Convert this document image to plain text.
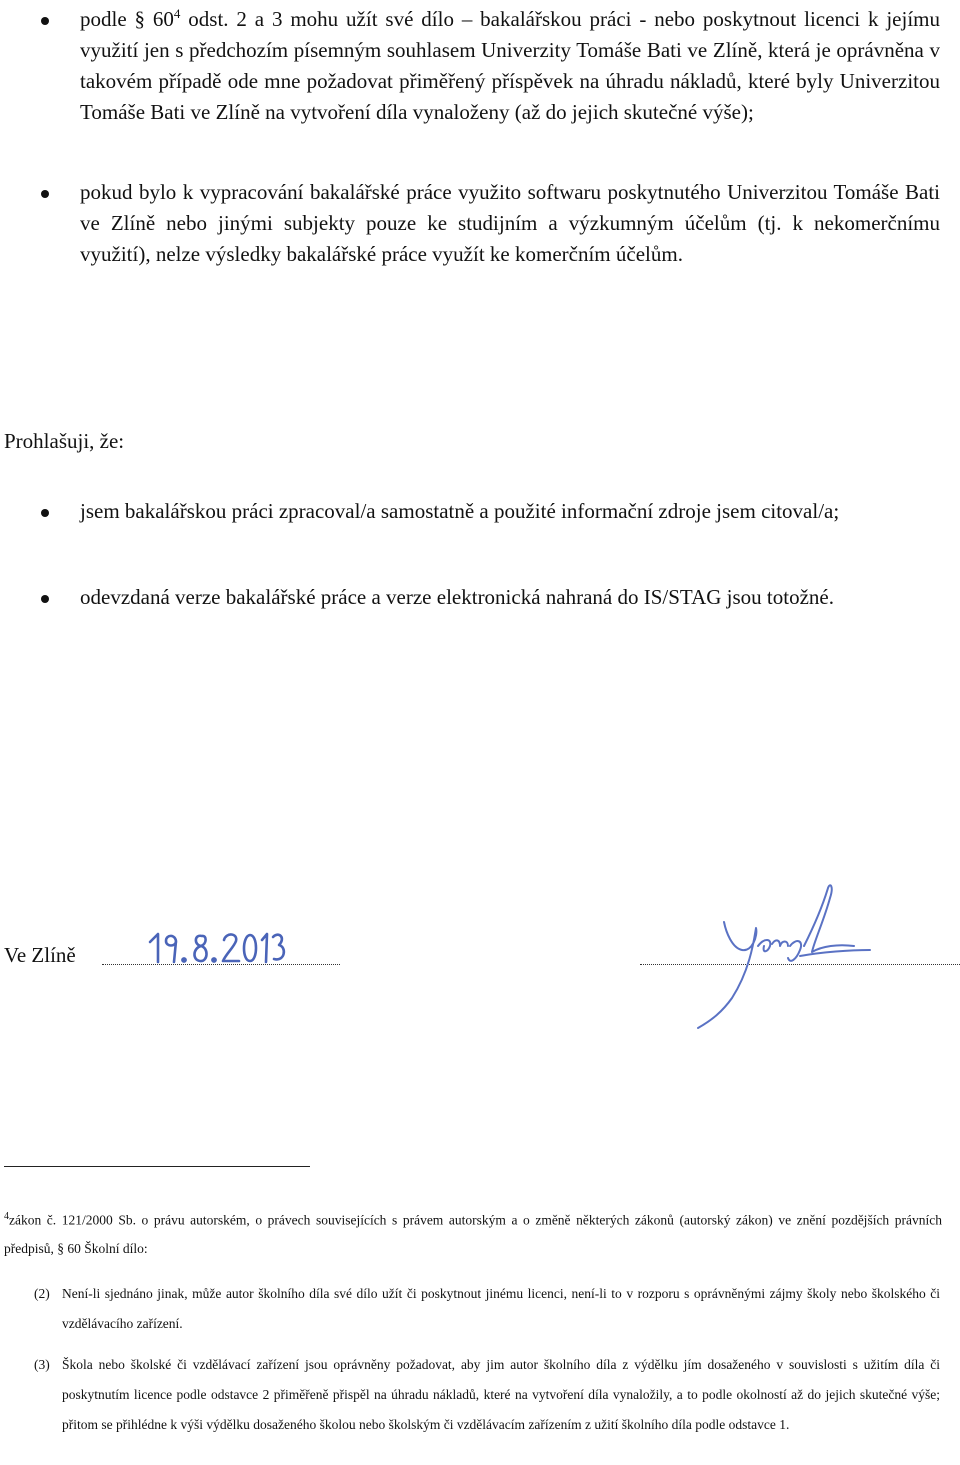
podle § $60^4$ odst. 2 a 3 mohu užít své dílo – bakalářskou práci - nebo poskytnout licenci k jejímu využití jen s předchozím písemným souhlasem Univerzity Tomáše Bati ve Zlíně, která je oprávněna v takovém případě ode mne požadovat přiměřený příspěvek na úhradu nákladů, které byly Univerzitou Tomáše Bati ve Zlíně na vytvoření díla vynaloženy (až do jejich skutečné výše);
pokud bylo k vypracování bakalářské práce využito softwaru poskytnutého Univerzitou Tomáše Bati ve Zlíně nebo jinými subjekty pouze ke studijním a výzkumným účelům (tj. k nekomerčnímu využití), nelze výsledky bakalářské práce využít ke komerčním účelům.
Prohlašuji, že:
jsem bakalářskou práci zpracoval/a samostatně a použité informační zdroje jsem citoval/a;
odevzdaná verze bakalářské práce a verze elektronická nahraná do IS/STAG jsou totožné.
Ve Zlíně
$^4$zákon č. 121/2000 Sb. o právu autorském, o právech souvisejících s právem autorským a o změně některých zákonů (autorský zákon) ve znění pozdějších právních předpisů, § 60 Školní dílo:
(2) Není-li sjednáno jinak, může autor školního díla své dílo užít či poskytnout jinému licenci, není-li to v rozporu s oprávněnými zájmy školy nebo školského či vzdělávacího zařízení.
(3) Škola nebo školské či vzdělávací zařízení jsou oprávněny požadovat, aby jim autor školního díla z výdělku jím dosaženého v souvislosti s užitím díla či poskytnutím licence podle odstavce 2 přiměřeně přispěl na úhradu nákladů, které na vytvoření díla vynaložily, a to podle okolností až do jejich skutečné výše; přitom se přihlédne k výši výdělku dosaženého školou nebo školským či vzdělávacím zařízením z užití školního díla podle odstavce 1.
